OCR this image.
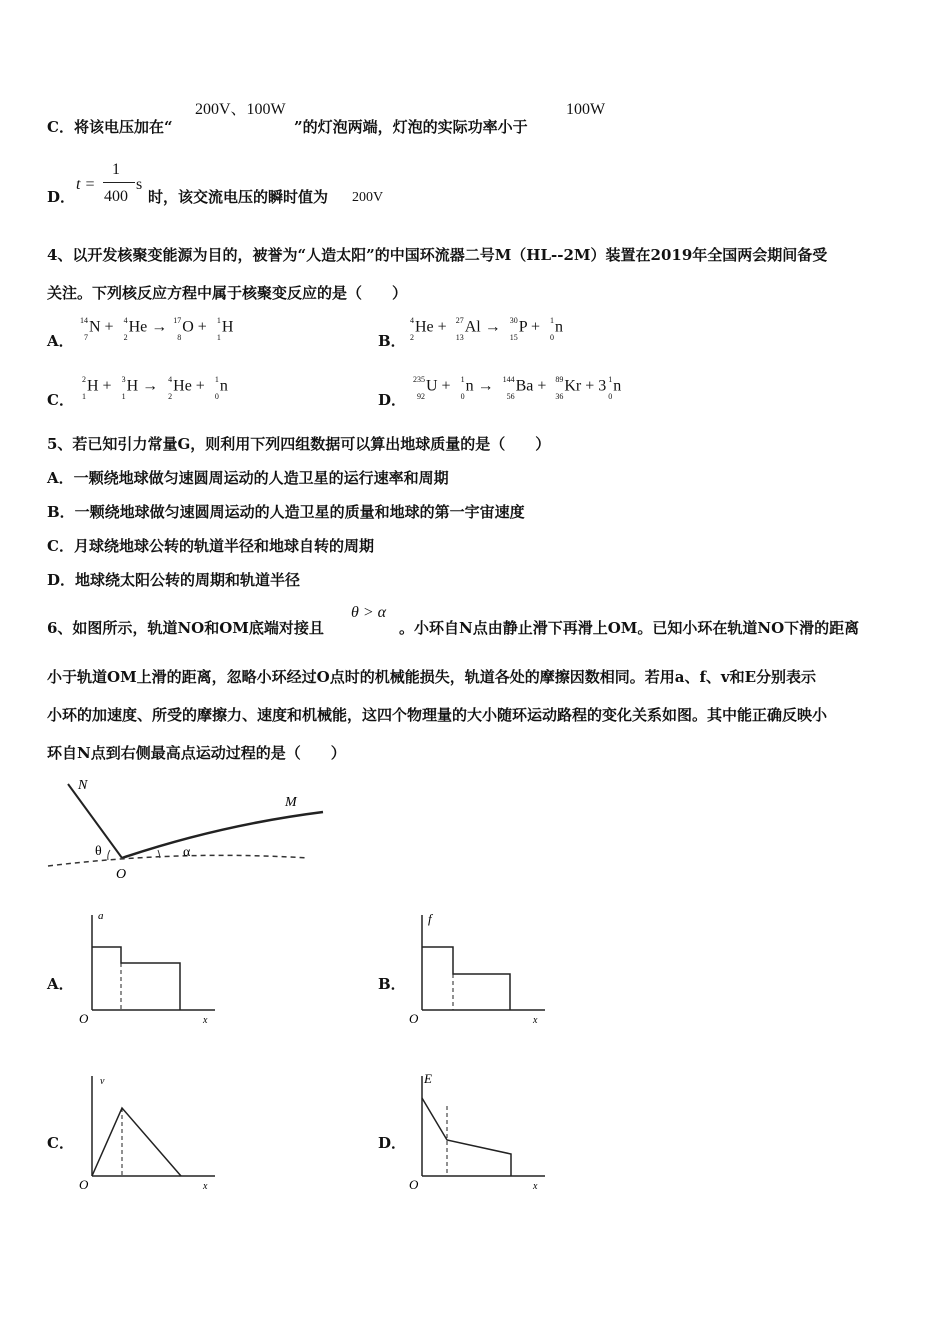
C．将该电压加在“
200V、100W
”的灯泡两端，灯泡的实际功率小于
100W
D．
t =
1
400
s
时，该交流电压的瞬时值为 200V
4、以开发核聚变能源为目的，被誉为“人造太阳”的中国环流器二号M（HL--2M）装置在2019年全国两会期间备受
关注。下列核反应方程中属于核聚变反应的是（　　）
A．
14
7
N + 4
2
He → 17
8
O + 1
1
H
B．
4
2
He + 27
13
Al → 30
15
P + 1
0
n
C．
2
1
H + 3
1
H → 4
2
He + 1
0
n
D．
235
92
U + 1
0
n → 144
56
Ba + 89
36
Kr + 3 1
0
n
5、若已知引力常量G，则利用下列四组数据可以算出地球质量的是（　　）
A．一颗绕地球做匀速圆周运动的人造卫星的运行速率和周期
B．一颗绕地球做匀速圆周运动的人造卫星的质量和地球的第一宇宙速度
C．月球绕地球公转的轨道半径和地球自转的周期
D．地球绕太阳公转的周期和轨道半径
6、如图所示，轨道NO和OM底端对接且
θ > α
。小环自N点由静止滑下再滑上OM。已知小环在轨道NO下滑的距离
小于轨道OM上滑的距离，忽略小环经过O点时的机械能损失，轨道各处的摩擦因数相同。若用a、f、v和E分别表示
小环的加速度、所受的摩擦力、速度和机械能，这四个物理量的大小随环运动路程的变化关系如图。其中能正确反映小
环自N点到右侧最高点运动过程的是（　　）
N
M
O
θ	α
A．
a
x
O
B．
f
x
O
C．
v
x
O
D．
E
x
O
